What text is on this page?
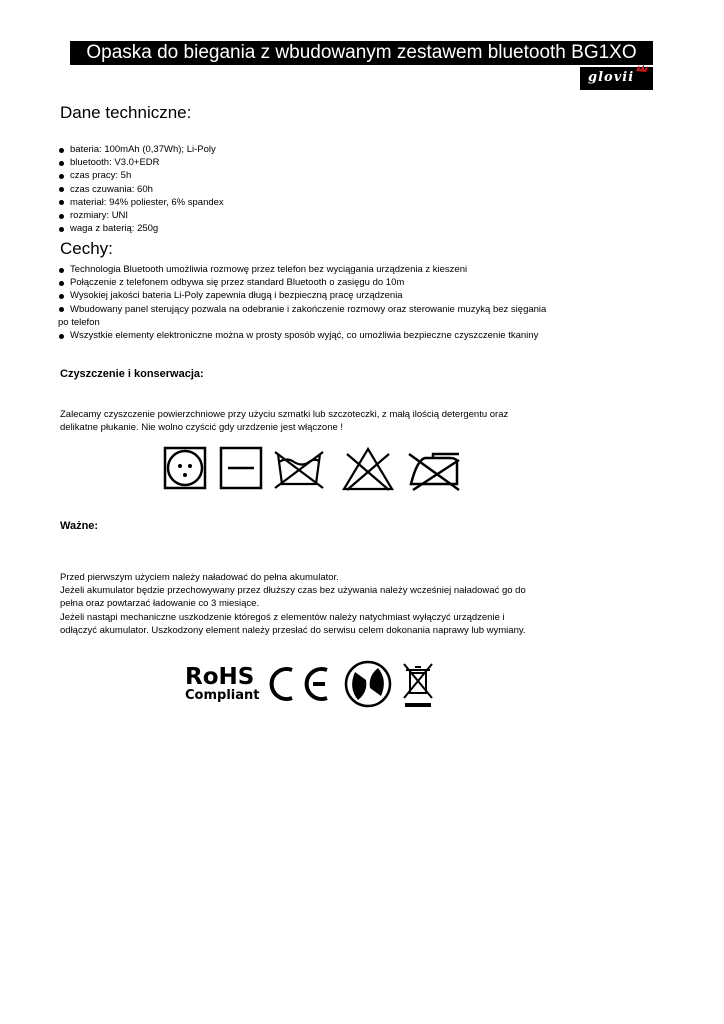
Opaska do biegania z wbudowanym zestawem bluetooth BG1XO
glovii
Dane techniczne:
bateria: 100mAh (0,37Wh); Li-Poly
bluetooth: V3.0+EDR
czas pracy: 5h
czas czuwania: 60h
materiał: 94% poliester, 6% spandex
rozmiary: UNI
waga z baterią: 250g
Cechy:
Technologia Bluetooth umożliwia rozmowę przez telefon bez wyciągania urządzenia z kieszeni
Połączenie z telefonem odbywa się przez standard Bluetooth o zasięgu do 10m
Wysokiej jakości bateria Li-Poly zapewnia długą i bezpieczną pracę urządzenia
Wbudowany panel sterujący pozwala na odebranie i zakończenie rozmowy oraz sterowanie muzyką bez sięgania po telefon
Wszystkie elementy elektroniczne można w prosty sposób wyjąć, co umożliwia bezpieczne czyszczenie tkaniny
Czyszczenie i konserwacja:

Zalecamy czyszczenie powierzchniowe przy użyciu szmatki lub szczoteczki, z małą ilością detergentu oraz
delikatne płukanie. Nie wolno czyścić gdy urzdzenie jest włączone !

Ważne:

Przed pierwszym użyciem należy naładować do pełna akumulator.
Jeżeli akumulator będzie przechowywany przez dłuższy czas bez używania należy wcześniej naładować go do
pełna oraz powtarzać ładowanie co 3 miesiące.
Jeżeli nastąpi mechaniczne uszkodzenie któregoś z elementów należy natychmiast wyłączyć urządzenie i
odłączyć akumulator. Uszkodzony element należy przesłać do serwisu celem dokonania naprawy lub wymiany.

RoHS
Compliant
